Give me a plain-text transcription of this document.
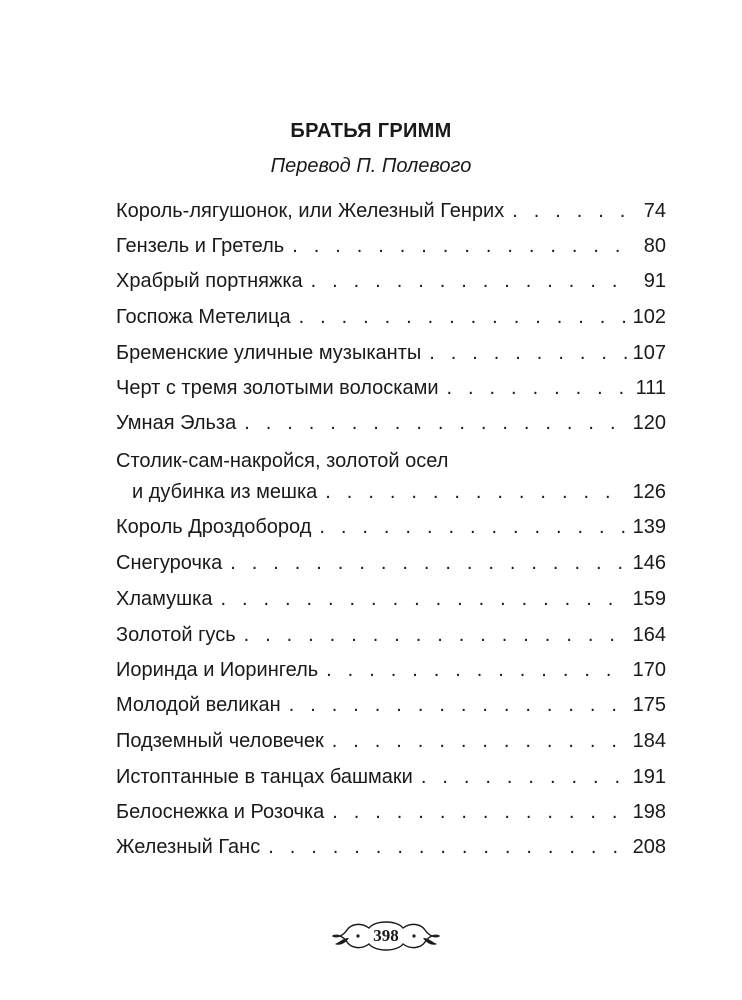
БРАТЬЯ ГРИММ
Перевод П. Полевого
Король-лягушонок, или Железный Генрих . . .	74
Гензель и Гретель . . .	80
Храбрый портняжка . . .	91
Госпожа Метелица . . .	102
Бременские уличные музыканты . . .	107
Черт с тремя золотыми волосками . . .	111
Умная Эльза . . .	120
Столик-сам-накройся, золотой осел
и дубинка из мешка . . .	126
Король Дроздобород . . .	139
Снегурочка . . .	146
Хламушка . . .	159
Золотой гусь . . .	164
Иоринда и Иорингель . . .	170
Молодой великан . . .	175
Подземный человечек . . .	184
Истоптанные в танцах башмаки . . .	191
Белоснежка и Розочка . . .	198
Железный Ганс . . .	208
398
